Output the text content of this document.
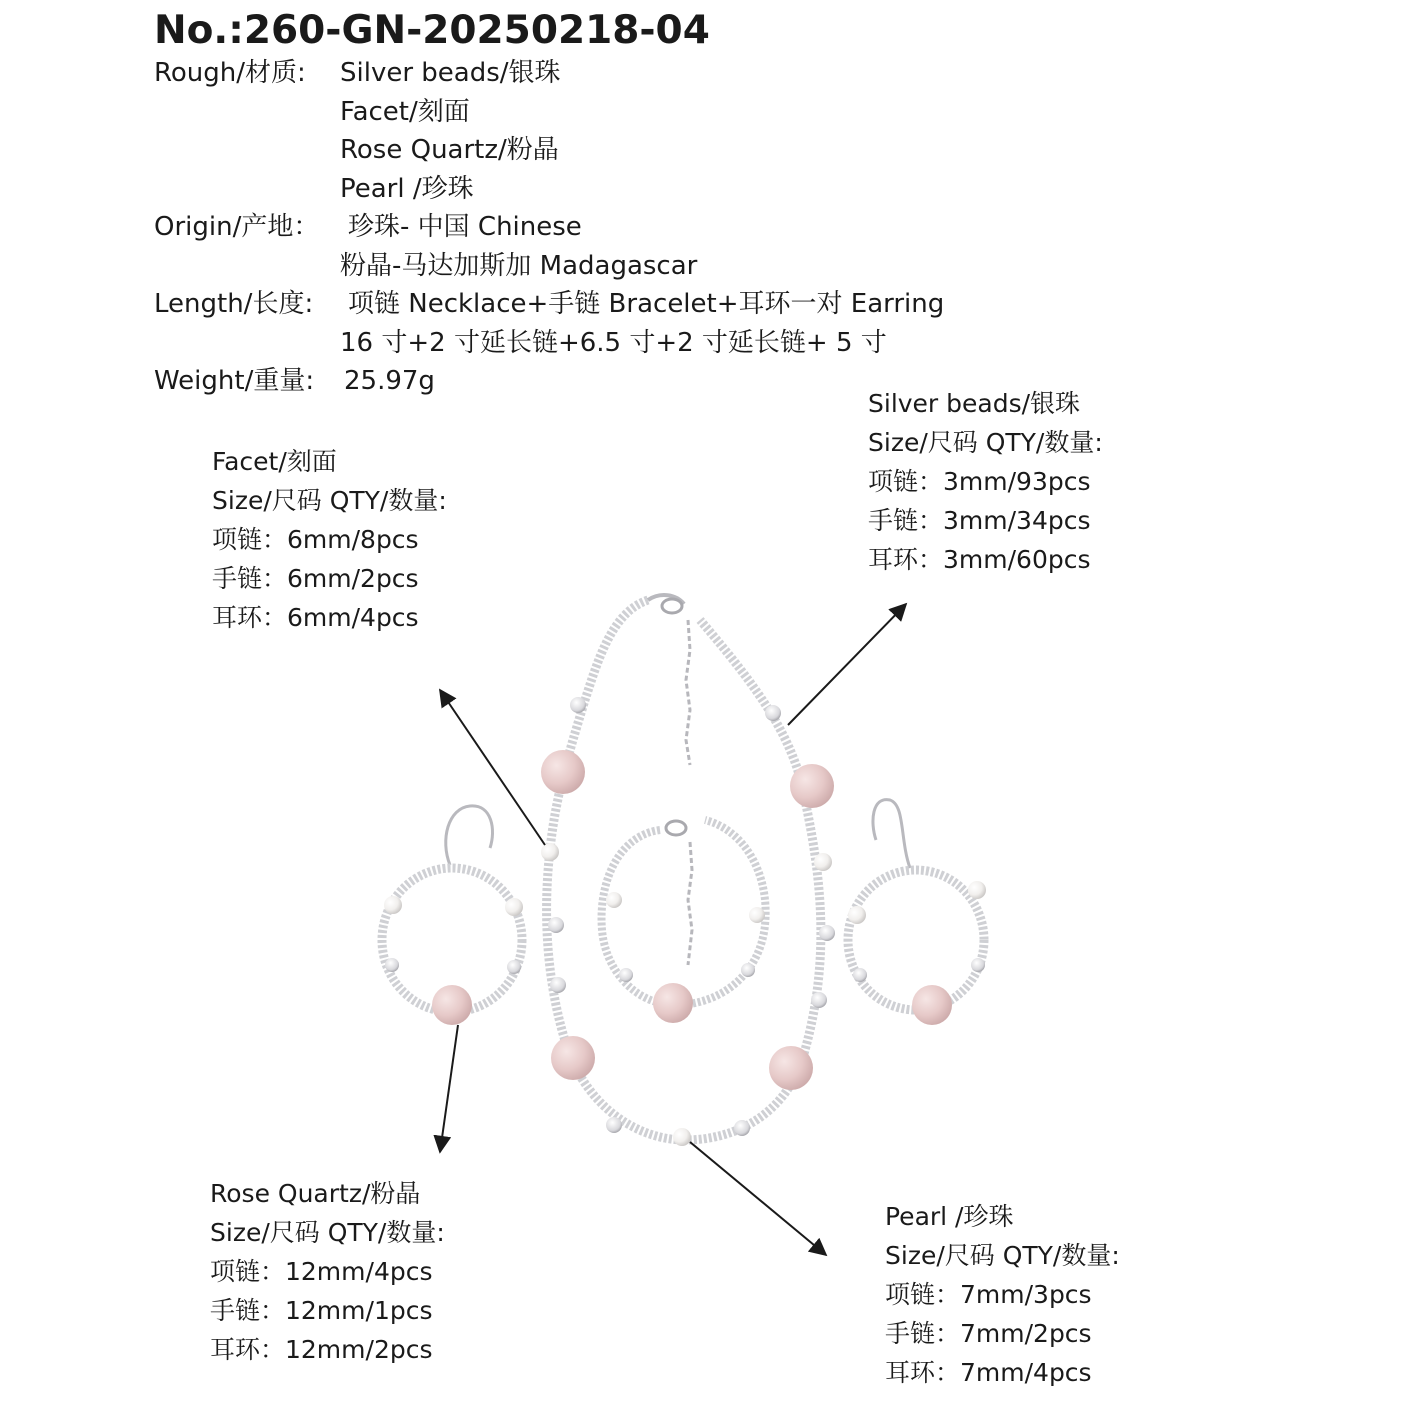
No.:260-GN-20250218-04
Rough/材质: Silver beads/银珠
Facet/刻面
Rose Quartz/粉晶
Pearl /珍珠
Origin/产地： 珍珠- 中国 Chinese
粉晶-马达加斯加 Madagascar
Length/长度: 项链 Necklace+手链 Bracelet+耳环一对 Earring
16 寸+2 寸延长链+6.5 寸+2 寸延长链+ 5 寸
Weight/重量: 25.97g
Facet/刻面
Size/尺码 QTY/数量:
项链：6mm/8pcs
手链：6mm/2pcs
耳环：6mm/4pcs
Silver beads/银珠
Size/尺码 QTY/数量:
项链：3mm/93pcs
手链：3mm/34pcs
耳环：3mm/60pcs
Rose Quartz/粉晶
Size/尺码 QTY/数量:
项链：12mm/4pcs
手链：12mm/1pcs
耳环：12mm/2pcs
Pearl /珍珠
Size/尺码 QTY/数量:
项链：7mm/3pcs
手链：7mm/2pcs
耳环：7mm/4pcs
